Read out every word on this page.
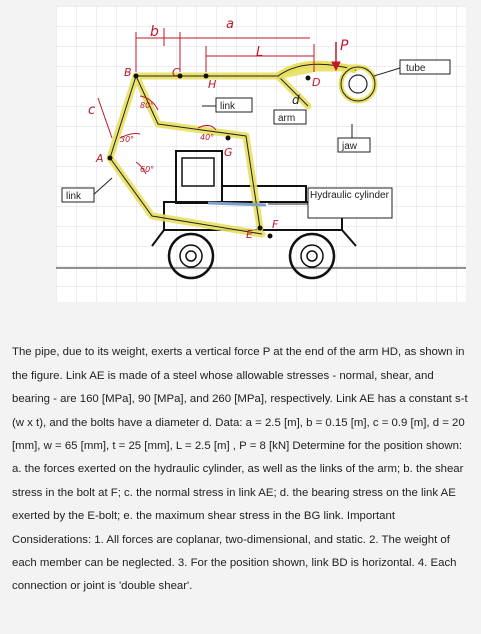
b	a
L
c
P
d
B	C
H	D
G
A
E
F
80°
30°	40°
60°
tube
link
arm
jaw
Hydraulic cylinder
link

The pipe, due to its weight, exerts a vertical force P at the end of the arm HD, as shown in the figure. Link AE is made of a steel whose allowable stresses - normal, shear, and bearing - are 160 [MPa], 90 [MPa], and 260 [MPa], respectively. Link AE has a constant s-t (w x t), and the bolts have a diameter d. Data: a = 2.5 [m], b = 0.15 [m], c = 0.9 [m], d = 20 [mm], w = 65 [mm], t = 25 [mm], L = 2.5 [m] , P = 8 [kN] Determine for the position shown: a. the forces exerted on the hydraulic cylinder, as well as the links of the arm; b. the shear stress in the bolt at F; c. the normal stress in link AE; d. the bearing stress on the link AE exerted by the E-bolt; e. the maximum shear stress in the BG link. Important Considerations: 1. All forces are coplanar, two-dimensional, and static. 2. The weight of each member can be neglected. 3. For the position shown, link BD is horizontal. 4. Each connection or joint is 'double shear'.
